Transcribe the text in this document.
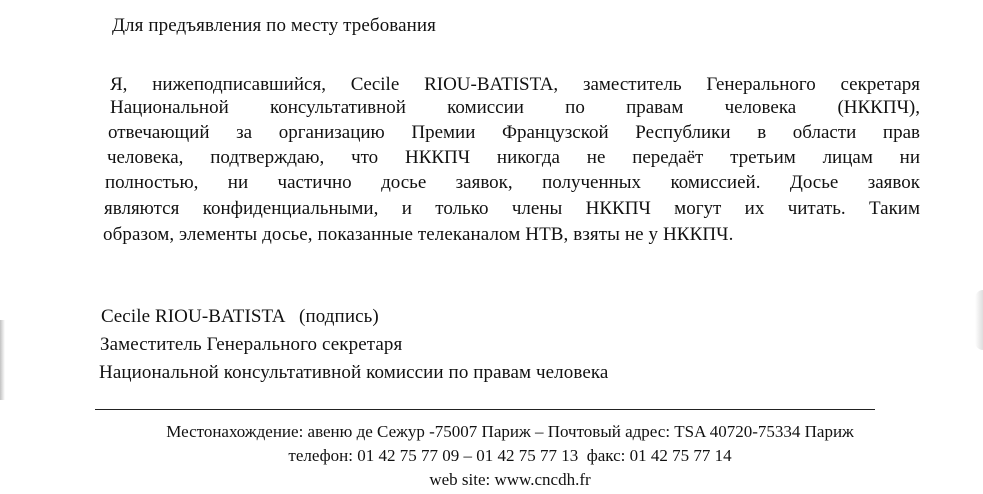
Для предъявления по месту требования
Я, нижеподписавшийся, Cecile RIOU-BATISTA, заместитель Генерального секретаря
Национальной консультативной комиссии по правам человека (НККПЧ),
отвечающий за организацию Премии Французской Республики в области прав
человека, подтверждаю, что НККПЧ никогда не передаёт третьим лицам ни
полностью, ни частично досье заявок, полученных комиссией. Досье заявок
являются конфиденциальными, и только члены НККПЧ могут их читать. Таким
образом, элементы досье, показанные телеканалом НТВ, взяты не у НККПЧ.
Cecile RIOU-BATISTA   (подпись)
Заместитель Генерального секретаря
Национальной консультативной комиссии по правам человека
Местонахождение: авеню де Сежур -75007 Париж – Почтовый адрес: TSA 40720-75334 Париж
телефон: 01 42 75 77 09 – 01 42 75 77 13  факс: 01 42 75 77 14
web site: www.cncdh.fr
